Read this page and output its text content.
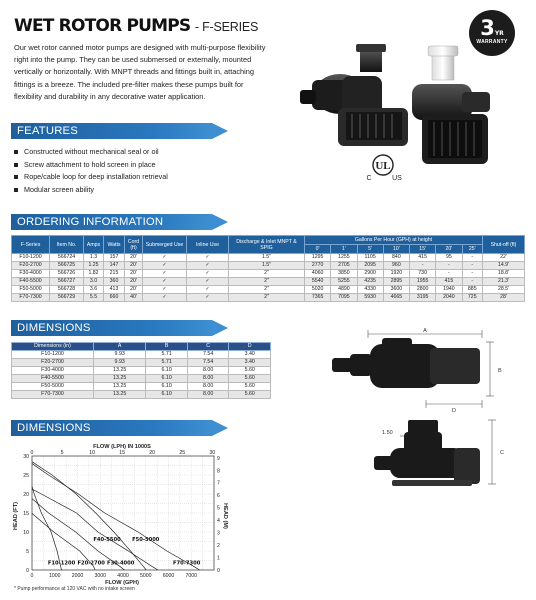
WET ROTOR PUMPS - F-SERIES

Our wet rotor canned motor pumps are designed with multi-purpose flexibility right into the pump. They can be used submersed or externally, mounted vertically or horizontally. With MNPT threads and fittings built in, attaching fittings is a breeze. The included pre-filter makes these pumps built for flexibility and durability in any decorative water application.

$3^{YR}$
WARRANTY
UL
C	US
FEATURES
Constructed without mechanical seal or oil
Screw attachment to hold screen in place
Rope/cable loop for deep installation retrieval
Modular screen ability
ORDERING INFORMATION
F-Series	Item No.	Amps	Watts	Cord (ft)	Submerged Use	Inline Use	Discharge & Inlet MNPT & SPIG	Gallons Per Hour (GPH) at height							Shut-off (ft)
								0'	1'	5'	10'	15'	20'	25'	
F10-1200	566724	1.3	157	20'	✓	✓	1.5"	1295	1255	1105	840	415	95	-	22'
F20-2700	566725	1.25	147	20'	✓	✓	1.5"	2770	2705	2095	960	-	-	-	14.9'
F30-4000	566726	1.82	215	20'	✓	✓	2"	4060	3850	2900	1920	730	-	-	18.8'
F40-5500	566727	3.0	360	20'	✓	✓	2"	5540	5255	4235	2895	1955	415	-	21.3'
F50-5000	566728	3.6	413	20'	✓	✓	2"	5020	4890	4330	3600	2800	1940	885	28.5'
F70-7300	566729	5.5	660	40'	✓	✓	2"	7365	7095	5930	4665	3195	2040	725	28'
DIMENSIONS
Dimensions (in)	A	B	C	D
F10-1200	9.93	5.71	7.54	3.40
F20-2700	9.93	5.71	7.54	3.40
F30-4000	13.25	6.10	8.00	5.60
F40-5500	13.25	6.10	8.00	5.60
F50-5000	13.25	6.10	8.00	5.60
F70-7300	13.25	6.10	8.00	5.60
A
B
D
C
1.50
DIMENSIONS
F10-1200 F20-2700 F30-4000
F40-5500 F50-5000
F70-7300
0	1000 2000 3000 4000 5000 6000 7000
0
5
10
15
20
25
30
0	5	10	15	20	25	30
0
1
2
3
4
5
6
7
8
9
FLOW (LPH) IN 1000S
FLOW (GPH)
HEAD (FT)	HEAD (M)

* Pump performance at 120 VAC with no intake screen
